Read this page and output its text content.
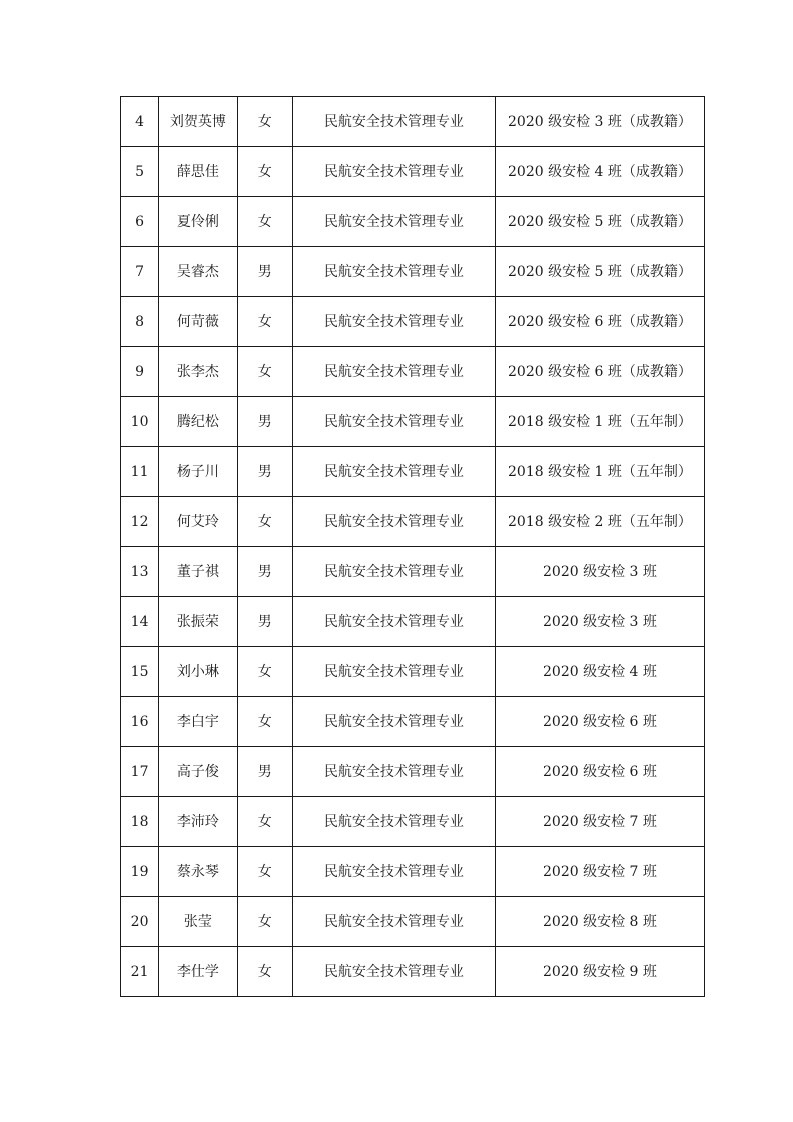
4	刘贺英博	女	民航安全技术管理专业	2020 级安检 3 班（成教籍）
5	薛思佳	女	民航安全技术管理专业	2020 级安检 4 班（成教籍）
6	夏伶俐	女	民航安全技术管理专业	2020 级安检 5 班（成教籍）
7	吴睿杰	男	民航安全技术管理专业	2020 级安检 5 班（成教籍）
8	何苛薇	女	民航安全技术管理专业	2020 级安检 6 班（成教籍）
9	张李杰	女	民航安全技术管理专业	2020 级安检 6 班（成教籍）
10	腾纪松	男	民航安全技术管理专业	2018 级安检 1 班（五年制）
11	杨子川	男	民航安全技术管理专业	2018 级安检 1 班（五年制）
12	何艾玲	女	民航安全技术管理专业	2018 级安检 2 班（五年制）
13	董子祺	男	民航安全技术管理专业	2020 级安检 3 班
14	张振荣	男	民航安全技术管理专业	2020 级安检 3 班
15	刘小琳	女	民航安全技术管理专业	2020 级安检 4 班
16	李白宇	女	民航安全技术管理专业	2020 级安检 6 班
17	高子俊	男	民航安全技术管理专业	2020 级安检 6 班
18	李沛玲	女	民航安全技术管理专业	2020 级安检 7 班
19	蔡永琴	女	民航安全技术管理专业	2020 级安检 7 班
20	张莹	女	民航安全技术管理专业	2020 级安检 8 班
21	李仕学	女	民航安全技术管理专业	2020 级安检 9 班
